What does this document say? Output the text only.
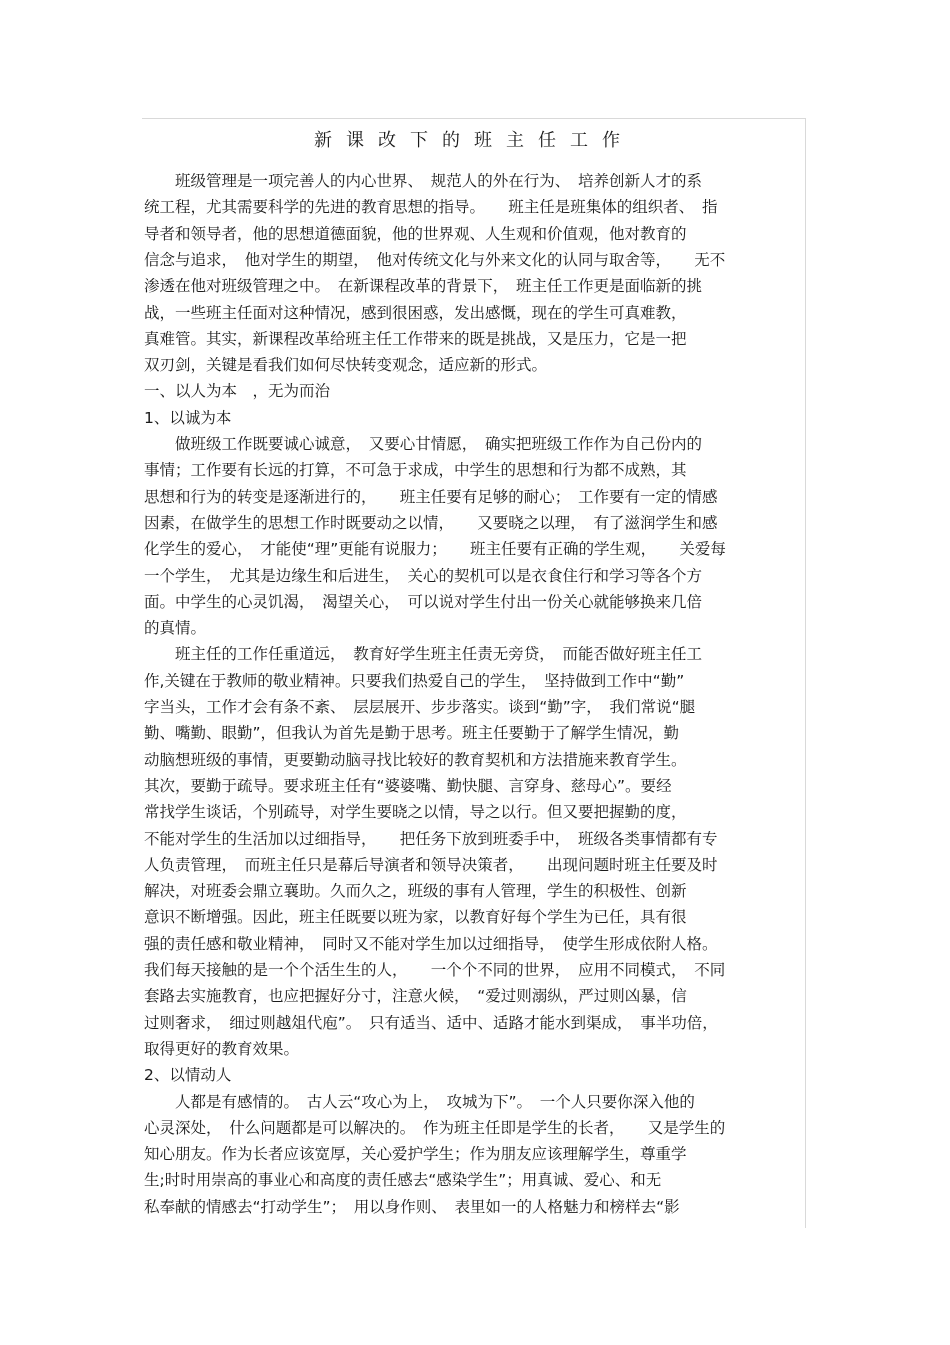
新课改下的班主任工作
　　班级管理是一项完善人的内心世界、　规范人的外在行为、　培养创新人才的系
统工程，尤其需要科学的先进的教育思想的指导。　　班主任是班集体的组织者、　指
导者和领导者，他的思想道德面貌，他的世界观、人生观和价值观，他对教育的
信念与追求，　他对学生的期望，　他对传统文化与外来文化的认同与取舍等，　　无不
渗透在他对班级管理之中。　在新课程改革的背景下，　班主任工作更是面临新的挑
战，一些班主任面对这种情况，感到很困惑，发出感慨，现在的学生可真难教，
真难管。其实，新课程改革给班主任工作带来的既是挑战，又是压力，它是一把
双刃剑，关键是看我们如何尽快转变观念，适应新的形式。
一、以人为本　，无为而治
1、以诚为本
　　做班级工作既要诚心诚意，　又要心甘情愿，　确实把班级工作作为自己份内的
事情；工作要有长远的打算，不可急于求成，中学生的思想和行为都不成熟，其
思想和行为的转变是逐渐进行的，　　班主任要有足够的耐心；　工作要有一定的情感
因素，在做学生的思想工作时既要动之以情，　　又要晓之以理，　有了滋润学生和感
化学生的爱心，　才能使“理”更能有说服力；　　班主任要有正确的学生观，　　关爱每
一个学生，　尤其是边缘生和后进生，　关心的契机可以是衣食住行和学习等各个方
面。中学生的心灵饥渴，　渴望关心，　可以说对学生付出一份关心就能够换来几倍
的真情。
　　班主任的工作任重道远，　教育好学生班主任责无旁贷，　而能否做好班主任工
作,关键在于教师的敬业精神。只要我们热爱自己的学生，　坚持做到工作中“勤”
字当头，工作才会有条不紊、　层层展开、步步落实。谈到“勤”字，　我们常说“腿
勤、嘴勤、眼勤”，但我认为首先是勤于思考。班主任要勤于了解学生情况，勤
动脑想班级的事情，更要勤动脑寻找比较好的教育契机和方法措施来教育学生。
其次，要勤于疏导。要求班主任有“婆婆嘴、勤快腿、言穿身、慈母心”。要经
常找学生谈话，个别疏导，对学生要晓之以情，导之以行。但又要把握勤的度，
不能对学生的生活加以过细指导，　　把任务下放到班委手中，　班级各类事情都有专
人负责管理，　而班主任只是幕后导演者和领导决策者，　　出现问题时班主任要及时
解决，对班委会鼎立襄助。久而久之，班级的事有人管理，学生的积极性、创新
意识不断增强。因此，班主任既要以班为家，以教育好每个学生为已任，具有很
强的责任感和敬业精神，　同时又不能对学生加以过细指导，　使学生形成依附人格。
我们每天接触的是一个个活生生的人，　　一个个不同的世界，　应用不同模式，　不同
套路去实施教育，也应把握好分寸，注意火候，　“爱过则溺纵，严过则凶暴，信
过则奢求，　细过则越俎代庖”。　只有适当、适中、适路才能水到渠成，　事半功倍，
取得更好的教育效果。
2、以情动人
　　人都是有感情的。　古人云“攻心为上，　攻城为下”。　一个人只要你深入他的
心灵深处，　什么问题都是可以解决的。　作为班主任即是学生的长者，　　又是学生的
知心朋友。作为长者应该宽厚，关心爱护学生；作为朋友应该理解学生，尊重学
生;时时用崇高的事业心和高度的责任感去“感染学生”；用真诚、爱心、和无
私奉献的情感去“打动学生”；　用以身作则、　表里如一的人格魅力和榜样去“影
